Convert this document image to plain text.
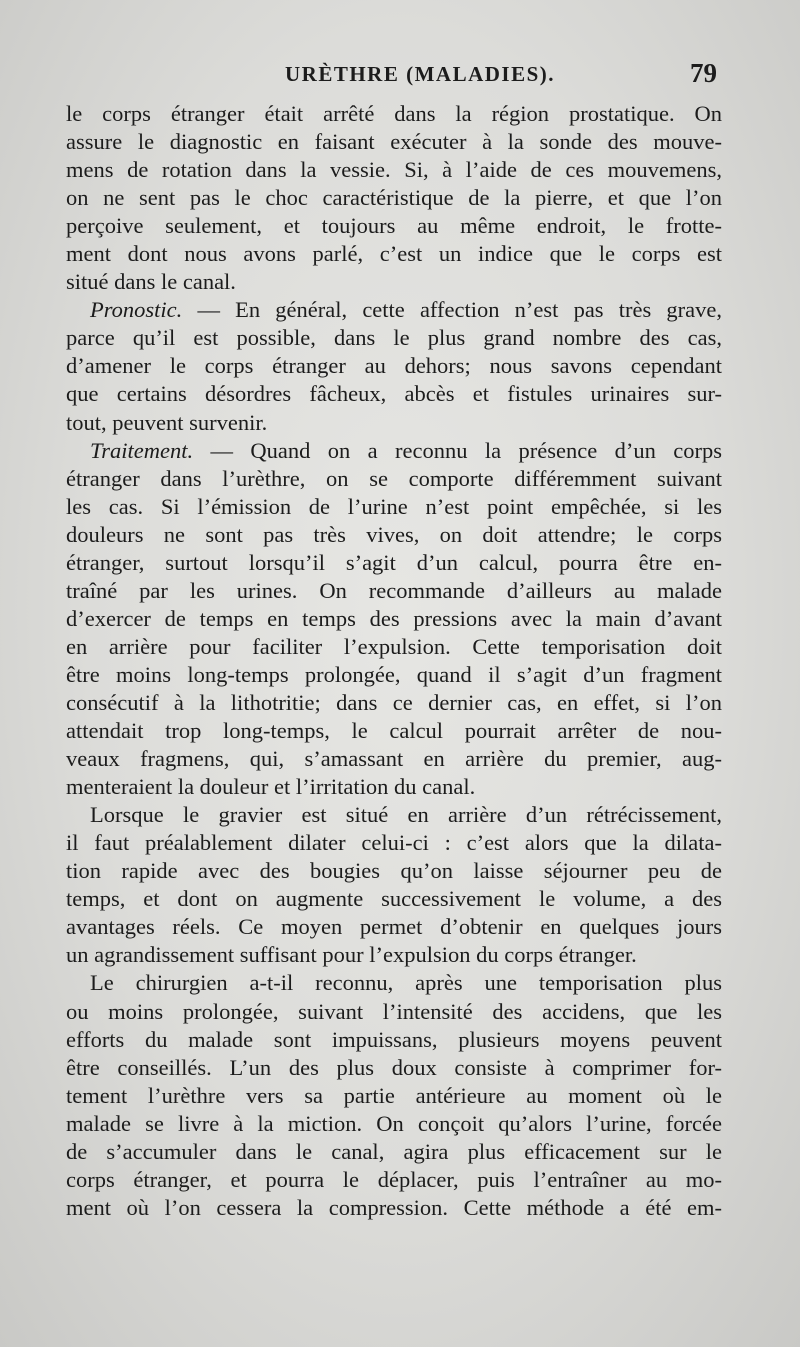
URÈTHRE (MALADIES).	79
le corps étranger était arrêté dans la région prostatique. On
assure le diagnostic en faisant exécuter à la sonde des mouve-
mens de rotation dans la vessie. Si, à l’aide de ces mouvemens,
on ne sent pas le choc caractéristique de la pierre, et que l’on
perçoive seulement, et toujours au même endroit, le frotte-
ment dont nous avons parlé, c’est un indice que le corps est
situé dans le canal.
Pronostic. — En général, cette affection n’est pas très grave,
parce qu’il est possible, dans le plus grand nombre des cas,
d’amener le corps étranger au dehors; nous savons cependant
que certains désordres fâcheux, abcès et fistules urinaires sur-
tout, peuvent survenir.
Traitement. — Quand on a reconnu la présence d’un corps
étranger dans l’urèthre, on se comporte différemment suivant
les cas. Si l’émission de l’urine n’est point empêchée, si les
douleurs ne sont pas très vives, on doit attendre; le corps
étranger, surtout lorsqu’il s’agit d’un calcul, pourra être en-
traîné par les urines. On recommande d’ailleurs au malade
d’exercer de temps en temps des pressions avec la main d’avant
en arrière pour faciliter l’expulsion. Cette temporisation doit
être moins long-temps prolongée, quand il s’agit d’un fragment
consécutif à la lithotritie; dans ce dernier cas, en effet, si l’on
attendait trop long-temps, le calcul pourrait arrêter de nou-
veaux fragmens, qui, s’amassant en arrière du premier, aug-
menteraient la douleur et l’irritation du canal.
Lorsque le gravier est situé en arrière d’un rétrécissement,
il faut préalablement dilater celui-ci : c’est alors que la dilata-
tion rapide avec des bougies qu’on laisse séjourner peu de
temps, et dont on augmente successivement le volume, a des
avantages réels. Ce moyen permet d’obtenir en quelques jours
un agrandissement suffisant pour l’expulsion du corps étranger.
Le chirurgien a-t-il reconnu, après une temporisation plus
ou moins prolongée, suivant l’intensité des accidens, que les
efforts du malade sont impuissans, plusieurs moyens peuvent
être conseillés. L’un des plus doux consiste à comprimer for-
tement l’urèthre vers sa partie antérieure au moment où le
malade se livre à la miction. On conçoit qu’alors l’urine, forcée
de s’accumuler dans le canal, agira plus efficacement sur le
corps étranger, et pourra le déplacer, puis l’entraîner au mo-
ment où l’on cessera la compression. Cette méthode a été em-
